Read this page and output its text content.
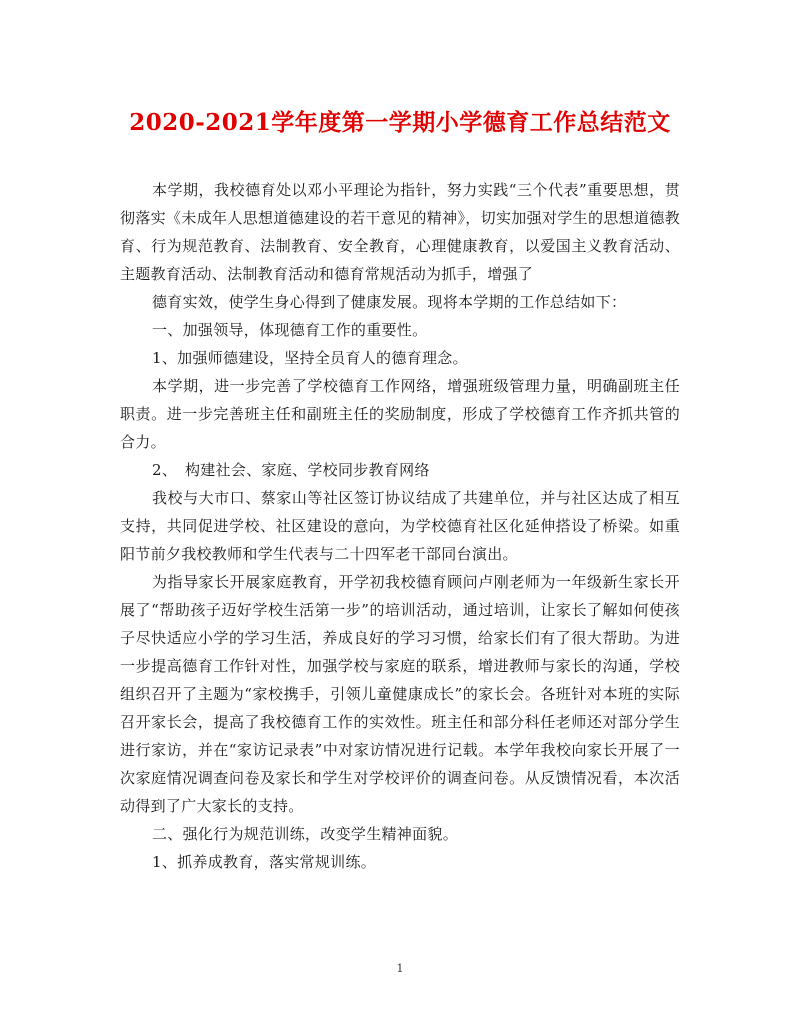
2020-2021学年度第一学期小学德育工作总结范文

本学期，我校德育处以邓小平理论为指针，努力实践“三个代表”重要思想，贯彻落实《未成年人思想道德建设的若干意见的精神》，切实加强对学生的思想道德教育、行为规范教育、法制教育、安全教育，心理健康教育，以爱国主义教育活动、主题教育活动、法制教育活动和德育常规活动为抓手，增强了

德育实效，使学生身心得到了健康发展。现将本学期的工作总结如下：

一、加强领导，体现德育工作的重要性。

1、加强师德建设，坚持全员育人的德育理念。

本学期，进一步完善了学校德育工作网络，增强班级管理力量，明确副班主任职责。进一步完善班主任和副班主任的奖励制度，形成了学校德育工作齐抓共管的合力。

2、　构建社会、家庭、学校同步教育网络

我校与大市口、蔡家山等社区签订协议结成了共建单位，并与社区达成了相互支持，共同促进学校、社区建设的意向，为学校德育社区化延伸搭设了桥梁。如重阳节前夕我校教师和学生代表与二十四军老干部同台演出。

为指导家长开展家庭教育，开学初我校德育顾问卢刚老师为一年级新生家长开展了“帮助孩子迈好学校生活第一步”的培训活动，通过培训，让家长了解如何使孩子尽快适应小学的学习生活，养成良好的学习习惯，给家长们有了很大帮助。为进一步提高德育工作针对性，加强学校与家庭的联系，增进教师与家长的沟通，学校组织召开了主题为“家校携手，引领儿童健康成长”的家长会。各班针对本班的实际召开家长会，提高了我校德育工作的实效性。班主任和部分科任老师还对部分学生进行家访，并在“家访记录表”中对家访情况进行记载。本学年我校向家长开展了一次家庭情况调查问卷及家长和学生对学校评价的调查问卷。从反馈情况看，本次活动得到了广大家长的支持。

二、强化行为规范训练，改变学生精神面貌。

1、抓养成教育，落实常规训练。

1
